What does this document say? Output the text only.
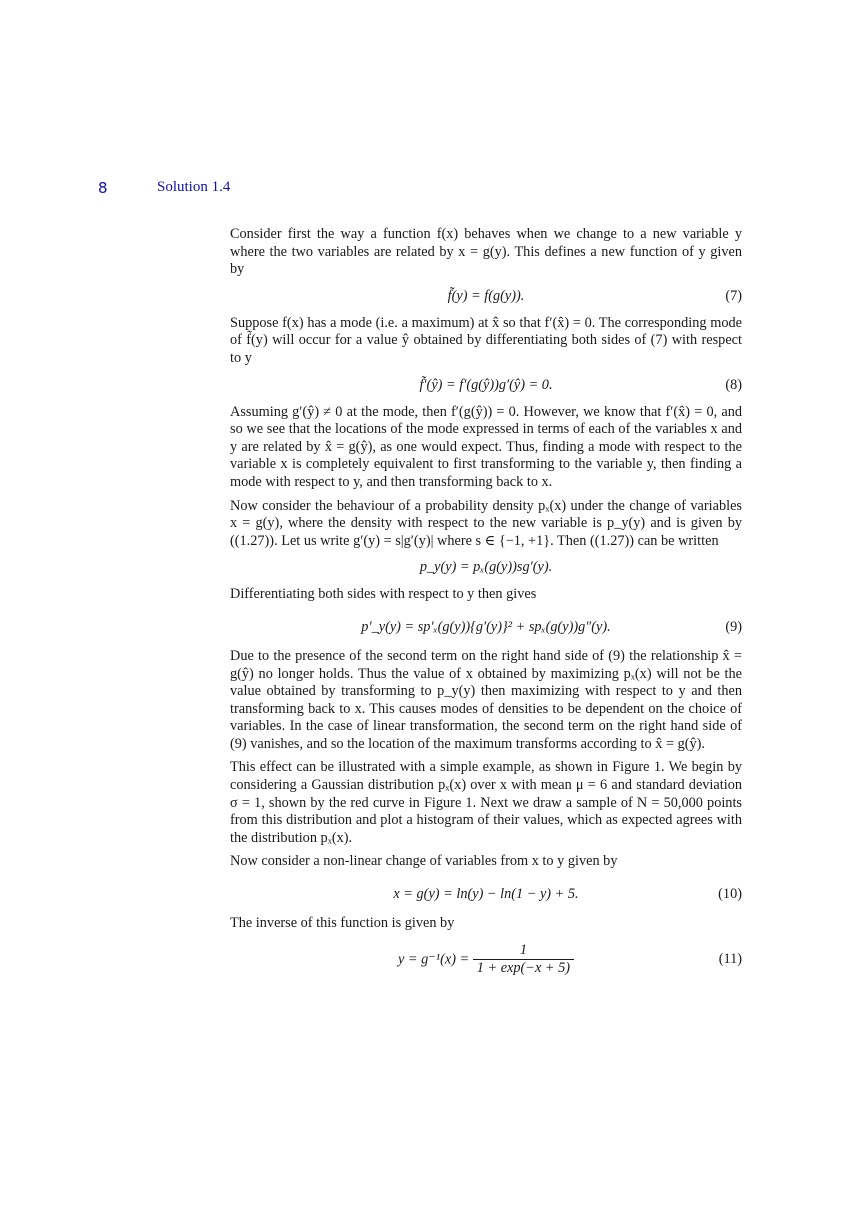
8	Solution 1.4

Consider first the way a function f(x) behaves when we change to a new variable y where the two variables are related by x = g(y). This defines a new function of y given by

f̃(y) = f(g(y)).	(7)

Suppose f(x) has a mode (i.e. a maximum) at x̂ so that f′(x̂) = 0. The corresponding mode of f̃(y) will occur for a value ŷ obtained by differentiating both sides of (7) with respect to y

f̃′(ŷ) = f′(g(ŷ))g′(ŷ) = 0.	(8)

Assuming g′(ŷ) ≠ 0 at the mode, then f′(g(ŷ)) = 0. However, we know that f′(x̂) = 0, and so we see that the locations of the mode expressed in terms of each of the variables x and y are related by x̂ = g(ŷ), as one would expect. Thus, finding a mode with respect to the variable x is completely equivalent to first transforming to the variable y, then finding a mode with respect to y, and then transforming back to x.

Now consider the behaviour of a probability density pₓ(x) under the change of variables x = g(y), where the density with respect to the new variable is p_y(y) and is given by ((1.27)). Let us write g′(y) = s|g′(y)| where s ∈ {−1, +1}. Then ((1.27)) can be written

p_y(y) = pₓ(g(y))sg′(y).

Differentiating both sides with respect to y then gives

p′_y(y) = sp′ₓ(g(y)){g′(y)}² + spₓ(g(y))g″(y).	(9)

Due to the presence of the second term on the right hand side of (9) the relationship x̂ = g(ŷ) no longer holds. Thus the value of x obtained by maximizing pₓ(x) will not be the value obtained by transforming to p_y(y) then maximizing with respect to y and then transforming back to x. This causes modes of densities to be dependent on the choice of variables. In the case of linear transformation, the second term on the right hand side of (9) vanishes, and so the location of the maximum transforms according to x̂ = g(ŷ).

This effect can be illustrated with a simple example, as shown in Figure 1. We begin by considering a Gaussian distribution pₓ(x) over x with mean μ = 6 and standard deviation σ = 1, shown by the red curve in Figure 1. Next we draw a sample of N = 50,000 points from this distribution and plot a histogram of their values, which as expected agrees with the distribution pₓ(x).

Now consider a non-linear change of variables from x to y given by

x = g(y) = ln(y) − ln(1 − y) + 5.	(10)

The inverse of this function is given by

$y = g^{-1}(x) = \frac{1}{1 + \exp(-x + 5)}$	(11)
